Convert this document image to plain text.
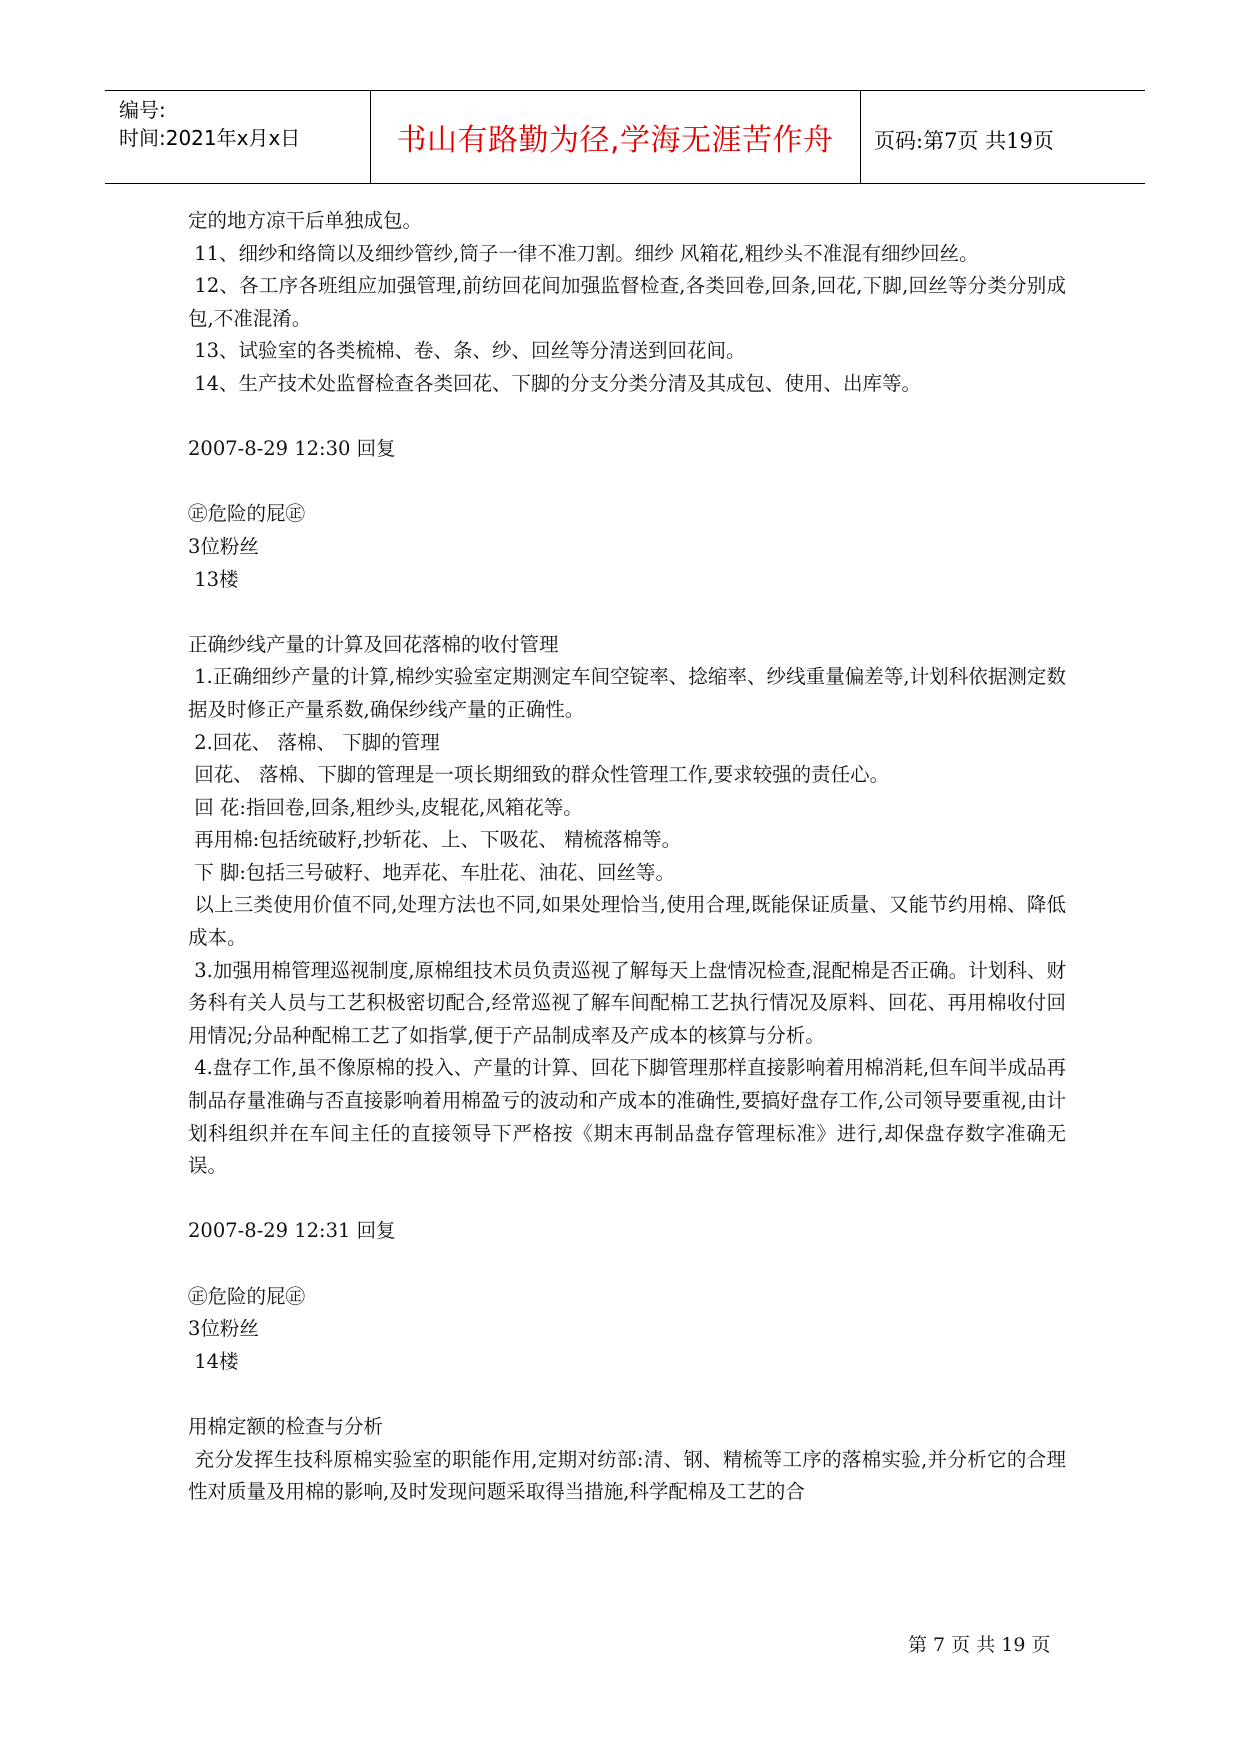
编号:
时间:2021年x月x日	书山有路勤为径,学海无涯苦作舟	页码:第7页 共19页
定的地方凉干后单独成包。
11、细纱和络筒以及细纱管纱,筒子一律不准刀割。细纱 风箱花,粗纱头不准混有细纱回丝。
12、各工序各班组应加强管理,前纺回花间加强监督检查,各类回卷,回条,回花,下脚,回丝等分类分别成包,不准混淆。
13、试验室的各类梳棉、卷、条、纱、回丝等分清送到回花间。
14、生产技术处监督检查各类回花、下脚的分支分类分清及其成包、使用、出库等。
2007-8-29 12:30 回复
㊣危险的屁㊣
3位粉丝
13楼
正确纱线产量的计算及回花落棉的收付管理
1.正确细纱产量的计算,棉纱实验室定期测定车间空锭率、捻缩率、纱线重量偏差等,计划科依据测定数据及时修正产量系数,确保纱线产量的正确性。
2.回花、 落棉、 下脚的管理
回花、 落棉、下脚的管理是一项长期细致的群众性管理工作,要求较强的责任心。
回 花:指回卷,回条,粗纱头,皮辊花,风箱花等。
再用棉:包括统破籽,抄斩花、上、下吸花、 精梳落棉等。
下 脚:包括三号破籽、地弄花、车肚花、油花、回丝等。
以上三类使用价值不同,处理方法也不同,如果处理恰当,使用合理,既能保证质量、又能节约用棉、降低成本。
3.加强用棉管理巡视制度,原棉组技术员负责巡视了解每天上盘情况检查,混配棉是否正确。计划科、财务科有关人员与工艺积极密切配合,经常巡视了解车间配棉工艺执行情况及原料、回花、再用棉收付回用情况;分品种配棉工艺了如指掌,便于产品制成率及产成本的核算与分析。
4.盘存工作,虽不像原棉的投入、产量的计算、回花下脚管理那样直接影响着用棉消耗,但车间半成品再制品存量准确与否直接影响着用棉盈亏的波动和产成本的准确性,要搞好盘存工作,公司领导要重视,由计划科组织并在车间主任的直接领导下严格按《期末再制品盘存管理标准》进行,却保盘存数字准确无误。
2007-8-29 12:31 回复
㊣危险的屁㊣
3位粉丝
14楼
用棉定额的检查与分析
充分发挥生技科原棉实验室的职能作用,定期对纺部:清、钢、精梳等工序的落棉实验,并分析它的合理性对质量及用棉的影响,及时发现问题采取得当措施,科学配棉及工艺的合
第 7 页 共 19 页
